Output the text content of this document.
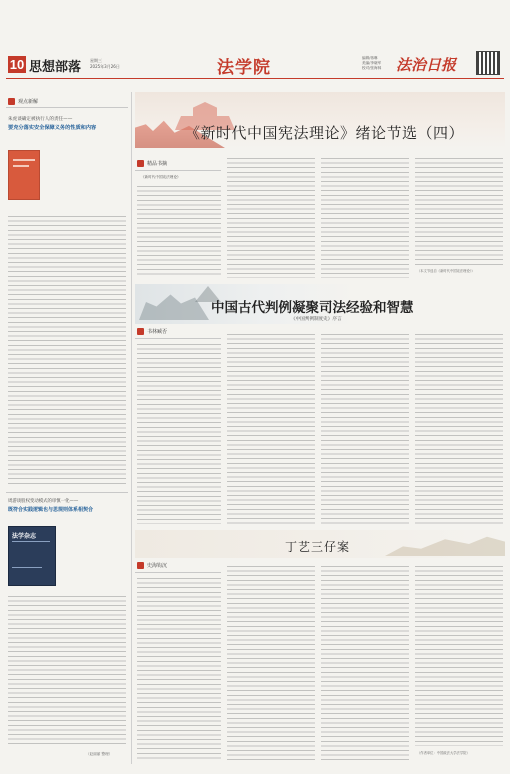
10 思想部落 星期三
2025年3月26日	法学院	编辑/蒋琳
美编/李晓军
校对/张海林 法治日报
观点新解
朱虎谈确定被执行人的责任——
要充分落实安全保障义务的性质和内容
周游谈股权变动模式的审慎一化——
既符合实践逻辑也与思规则体系相契合
法学杂志
（赵丽丽 整理）
《新时代中国宪法理论》绪论节选（四）
精品书摘
《新时代中国宪法理论》
（本文节选自《新时代中国宪法理论》）
中国古代判例凝聚司法经验和智慧
《中国判例制度史》序言
书林臧否
丁艺三仔案
史海钩沉
（作者单位：中国政法大学法学院）
